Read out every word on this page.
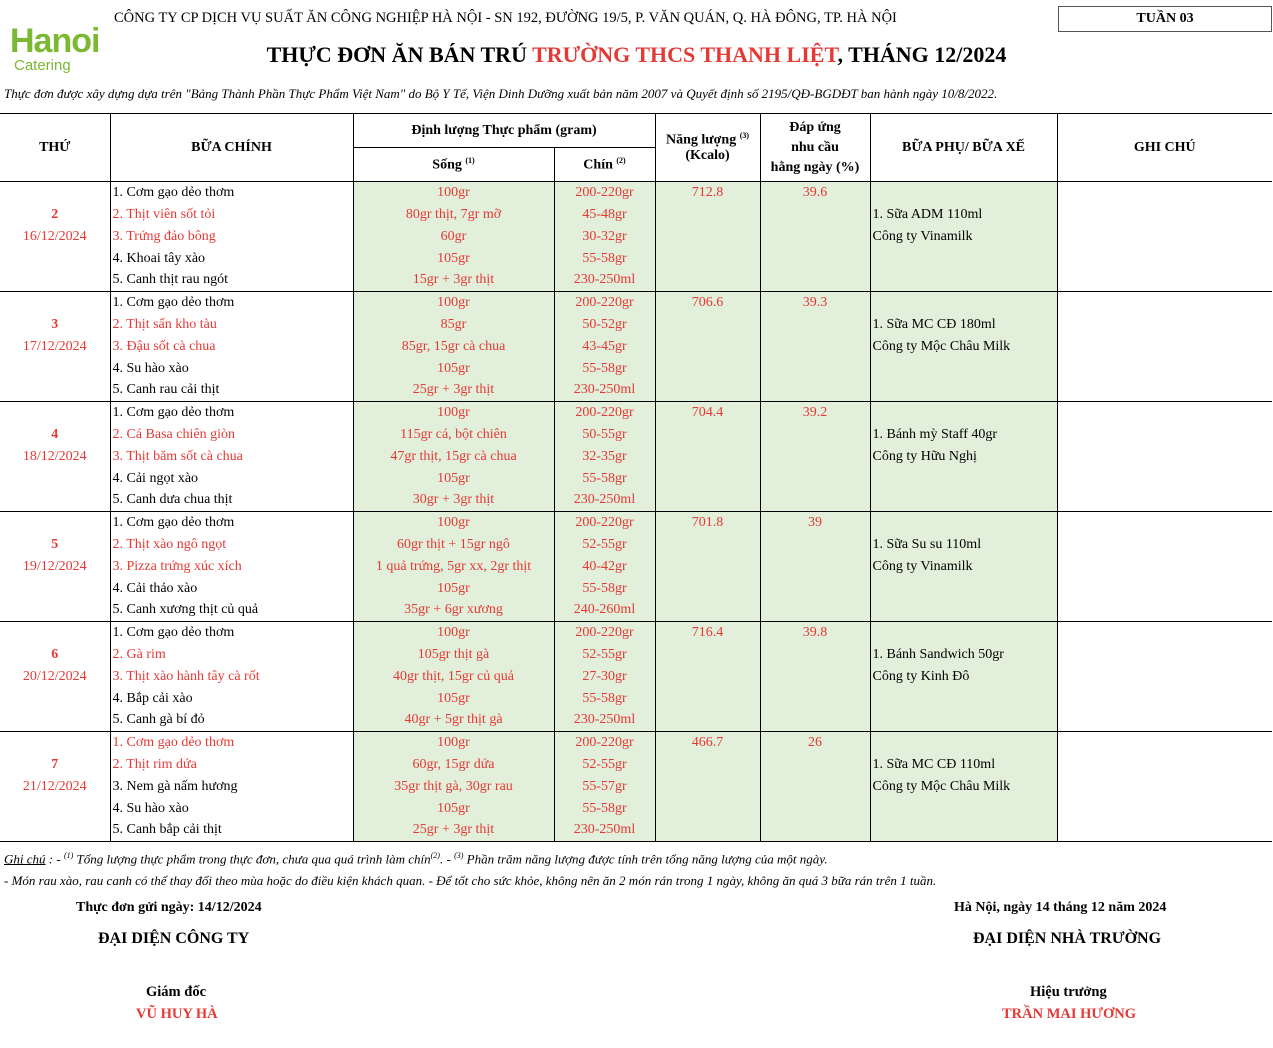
Hanoi
Catering
CÔNG TY CP DỊCH VỤ SUẤT ĂN CÔNG NGHIỆP HÀ NỘI - SN 192, ĐƯỜNG 19/5, P. VĂN QUÁN, Q. HÀ ĐÔNG, TP. HÀ NỘI	TUẦN 03
THỰC ĐƠN ĂN BÁN TRÚ TRƯỜNG THCS THANH LIỆT, THÁNG 12/2024
Thực đơn được xây dựng dựa trên "Bảng Thành Phần Thực Phẩm Việt Nam" do Bộ Y Tế, Viện Dinh Dưỡng xuất bản năm 2007 và Quyết định số 2195/QĐ-BGDĐT ban hành ngày 10/8/2022.
THỨ	BỮA CHÍNH	Định lượng Thực phẩm (gram)		Năng lượng $^{(3)}$
(Kcalo)	Đáp ứng
nhu cầu
hằng ngày (%)	BỮA PHỤ/ BỮA XẾ	GHI CHÚ
		Sống $^{(1)}$	Chín $^{(2)}$
	1. Cơm gạo dẻo thơm	100gr	200-220gr	712.8	39.6		
2	2. Thịt viên sốt tỏi	80gr thịt, 7gr mỡ	45-48gr			1. Sữa ADM 110ml	
16/12/2024	3. Trứng đảo bông	60gr	30-32gr			Công ty Vinamilk	
	4. Khoai tây xào	105gr	55-58gr				
	5. Canh thịt rau ngót	15gr + 3gr thịt	230-250ml				
	1. Cơm gạo dẻo thơm	100gr	200-220gr	706.6	39.3		
3	2. Thịt sấn kho tàu	85gr	50-52gr			1. Sữa MC CĐ 180ml	
17/12/2024	3. Đậu sốt cà chua	85gr, 15gr cà chua	43-45gr			Công ty Mộc Châu Milk	
	4. Su hào xào	105gr	55-58gr				
	5. Canh rau cải thịt	25gr + 3gr thịt	230-250ml				
	1. Cơm gạo dẻo thơm	100gr	200-220gr	704.4	39.2		
4	2. Cá Basa chiên giòn	115gr cá, bột chiên	50-55gr			1. Bánh mỳ Staff 40gr	
18/12/2024	3. Thịt băm sốt cà chua	47gr thịt, 15gr cà chua	32-35gr			Công ty Hữu Nghị	
	4. Cải ngọt xào	105gr	55-58gr				
	5. Canh dưa chua thịt	30gr + 3gr thịt	230-250ml				
	1. Cơm gạo dẻo thơm	100gr	200-220gr	701.8	39		
5	2. Thịt xào ngô ngọt	60gr thịt + 15gr ngô	52-55gr			1. Sữa Su su 110ml	
19/12/2024	3. Pizza trứng xúc xích	1 quả trứng, 5gr xx, 2gr thịt	40-42gr			Công ty Vinamilk	
	4. Cải thảo xào	105gr	55-58gr				
	5. Canh xương thịt củ quả	35gr + 6gr xương	240-260ml				
	1. Cơm gạo dẻo thơm	100gr	200-220gr	716.4	39.8		
6	2. Gà rim	105gr thịt gà	52-55gr			1. Bánh Sandwich 50gr	
20/12/2024	3. Thịt xào hành tây cà rốt	40gr thịt, 15gr củ quả	27-30gr			Công ty Kinh Đô	
	4. Bắp cải xào	105gr	55-58gr				
	5. Canh gà bí đỏ	40gr + 5gr thịt gà	230-250ml				
	1. Cơm gạo dẻo thơm	100gr	200-220gr	466.7	26		
7	2. Thịt rim dứa	60gr, 15gr dứa	52-55gr			1. Sữa MC CĐ 110ml	
21/12/2024	3. Nem gà nấm hương	35gr thịt gà, 30gr rau	55-57gr			Công ty Mộc Châu Milk	
	4. Su hào xào	105gr	55-58gr				
	5. Canh bắp cải thịt	25gr + 3gr thịt	230-250ml				
Ghi chú : - $^{(1)}$ Tổng lượng thực phẩm trong thực đơn, chưa qua quá trình làm chín$^{(2)}$. - $^{(3)}$ Phần trăm năng lượng được tính trên tổng năng lượng của một ngày.
- Món rau xào, rau canh có thể thay đổi theo mùa hoặc do điều kiện khách quan. - Để tốt cho sức khỏe, không nên ăn 2 món rán trong 1 ngày, không ăn quá 3 bữa rán trên 1 tuần.
Thực đơn gửi ngày: 14/12/2024	Hà Nội, ngày 14 tháng 12 năm 2024
ĐẠI DIỆN CÔNG TY	ĐẠI DIỆN NHÀ TRƯỜNG
Giám đốc
VŨ HUY HÀ
Hiệu trưởng
TRẦN MAI HƯƠNG
